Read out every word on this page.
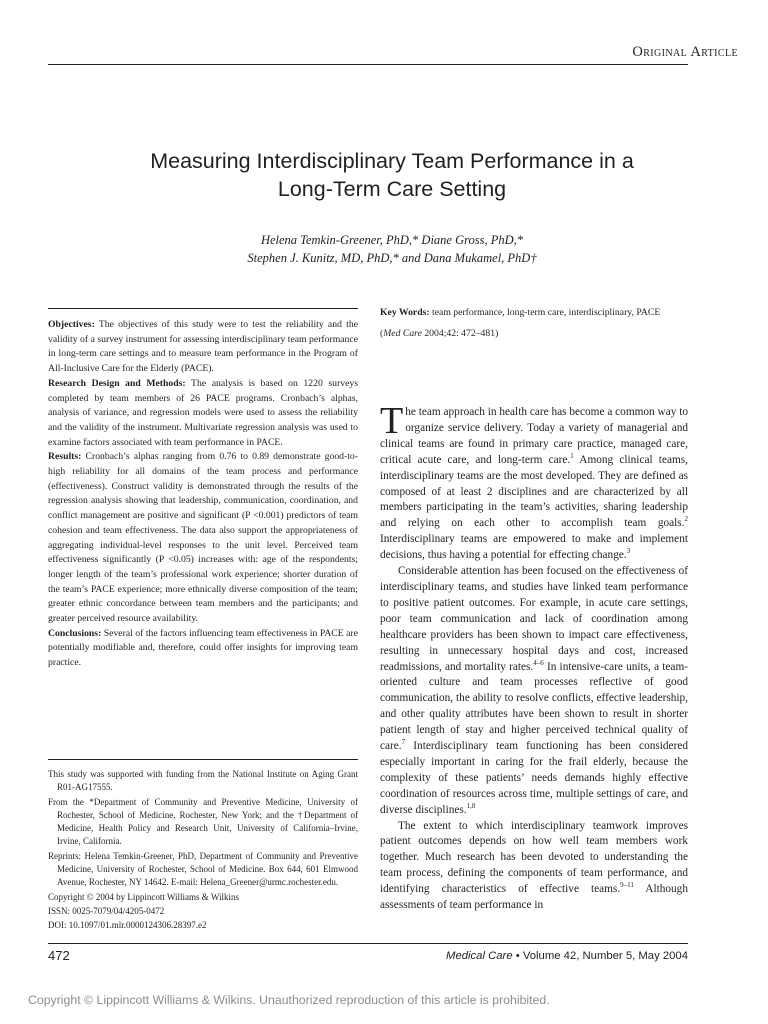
Original Article
Measuring Interdisciplinary Team Performance in a
Long-Term Care Setting
Helena Temkin-Greener, PhD,* Diane Gross, PhD,*
Stephen J. Kunitz, MD, PhD,* and Dana Mukamel, PhD†

Objectives: The objectives of this study were to test the reliability and the validity of a survey instrument for assessing interdisciplinary team performance in long-term care settings and to measure team performance in the Program of All-Inclusive Care for the Elderly (PACE).

Research Design and Methods: The analysis is based on 1220 surveys completed by team members of 26 PACE programs. Cronbach’s alphas, analysis of variance, and regression models were used to assess the reliability and the validity of the instrument. Multivariate regression analysis was used to examine factors associated with team performance in PACE.

Results: Cronbach’s alphas ranging from 0.76 to 0.89 demonstrate good-to-high reliability for all domains of the team process and performance (effectiveness). Construct validity is demonstrated through the results of the regression analysis showing that leadership, communication, coordination, and conflict management are positive and significant (P <0.001) predictors of team cohesion and team effectiveness. The data also support the appropriateness of aggregating individual-level responses to the unit level. Perceived team effectiveness significantly (P <0.05) increases with: age of the respondents; longer length of the team’s professional work experience; shorter duration of the team’s PACE experience; more ethnically diverse composition of the team; greater ethnic concordance between team members and the participants; and greater perceived resource availability.

Conclusions: Several of the factors influencing team effectiveness in PACE are potentially modifiable and, therefore, could offer insights for improving team practice.

This study was supported with funding from the National Institute on Aging Grant R01-AG17555.

From the *Department of Community and Preventive Medicine, University of Rochester, School of Medicine, Rochester, New York; and the †Department of Medicine, Health Policy and Research Unit, University of California–Irvine, Irvine, California.

Reprints: Helena Temkin-Greener, PhD, Department of Community and Preventive Medicine, University of Rochester, School of Medicine. Box 644, 601 Elmwood Avenue, Rochester, NY 14642. E-mail: Helena_Greener@urmc.rochester.edu.

Copyright © 2004 by Lippincott Williams & Wilkins

ISSN: 0025-7079/04/4205-0472

DOI: 10.1097/01.mlr.0000124306.28397.e2

Key Words: team performance, long-term care, interdisciplinary, PACE

(Med Care 2004;42: 472–481)

The team approach in health care has become a common way to organize service delivery. Today a variety of managerial and clinical teams are found in primary care practice, managed care, critical acute care, and long-term care.$^1$ Among clinical teams, interdisciplinary teams are the most developed. They are defined as composed of at least 2 disciplines and are characterized by all members participating in the team’s activities, sharing leadership and relying on each other to accomplish team goals.$^2$ Interdisciplinary teams are empowered to make and implement decisions, thus having a potential for effecting change.$^3$

Considerable attention has been focused on the effectiveness of interdisciplinary teams, and studies have linked team performance to positive patient outcomes. For example, in acute care settings, poor team communication and lack of coordination among healthcare providers has been shown to impact care effectiveness, resulting in unnecessary hospital days and cost, increased readmissions, and mortality rates.$^{4-6}$ In intensive-care units, a team-oriented culture and team processes reflective of good communication, the ability to resolve conflicts, effective leadership, and other quality attributes have been shown to result in shorter patient length of stay and higher perceived technical quality of care.$^7$ Interdisciplinary team functioning has been considered especially important in caring for the frail elderly, because the complexity of these patients’ needs demands highly effective coordination of resources across time, multiple settings of care, and diverse disciplines.$^{1,8}$

The extent to which interdisciplinary teamwork improves patient outcomes depends on how well team members work together. Much research has been devoted to understanding the team process, defining the components of team performance, and identifying characteristics of effective teams.$^{9-11}$ Although assessments of team performance in

472	Medical Care • Volume 42, Number 5, May 2004
Copyright © Lippincott Williams & Wilkins. Unauthorized reproduction of this article is prohibited.
